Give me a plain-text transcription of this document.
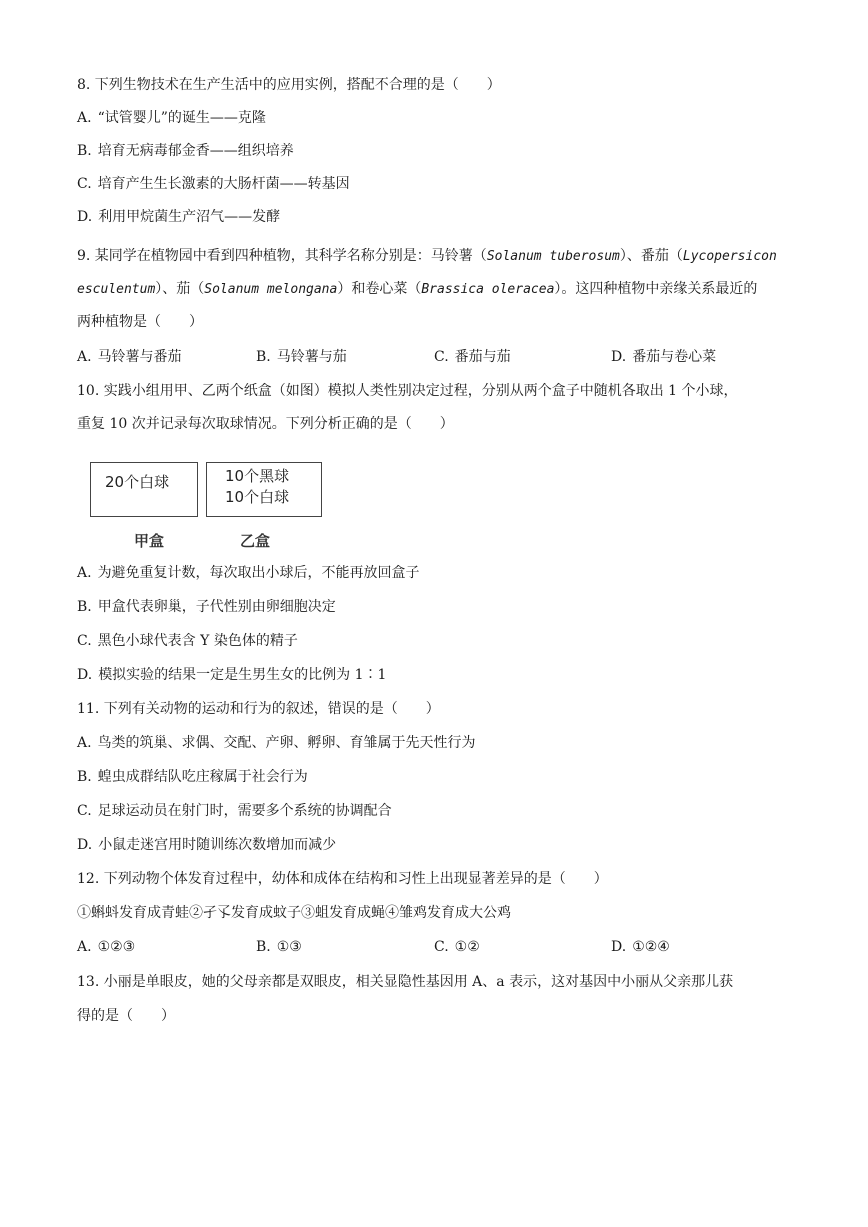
8. 下列生物技术在生产生活中的应用实例，搭配不合理的是（　　）
A. “试管婴儿”的诞生——克隆
B. 培育无病毒郁金香——组织培养
C. 培育产生生长激素的大肠杆菌——转基因
D. 利用甲烷菌生产沼气——发酵
9. 某同学在植物园中看到四种植物，其科学名称分别是：马铃薯（Solanum tuberosum）、番茄（Lycopersicon
esculentum）、茄（Solanum melongana）和卷心菜（Brassica oleracea）。这四种植物中亲缘关系最近的
两种植物是（　　）
A. 马铃薯与番茄	B. 马铃薯与茄	C. 番茄与茄	D. 番茄与卷心菜
10. 实践小组用甲、乙两个纸盒（如图）模拟人类性别决定过程，分别从两个盒子中随机各取出 1 个小球，
重复 10 次并记录每次取球情况。下列分析正确的是（　　）
20个白球	10个黑球
10个白球
甲盒	乙盒
A. 为避免重复计数，每次取出小球后，不能再放回盒子
B. 甲盒代表卵巢，子代性别由卵细胞决定
C. 黑色小球代表含 Y 染色体的精子
D. 模拟实验的结果一定是生男生女的比例为 1∶1
11. 下列有关动物的运动和行为的叙述，错误的是（　　）
A. 鸟类的筑巢、求偶、交配、产卵、孵卵、育雏属于先天性行为
B. 蝗虫成群结队吃庄稼属于社会行为
C. 足球运动员在射门时，需要多个系统的协调配合
D. 小鼠走迷宫用时随训练次数增加而减少
12. 下列动物个体发育过程中，幼体和成体在结构和习性上出现显著差异的是（　　）
①蝌蚪发育成青蛙②孑孓发育成蚊子③蛆发育成蝇④雏鸡发育成大公鸡
A. ①②③	B. ①③	C. ①②	D. ①②④
13. 小丽是单眼皮，她的父母亲都是双眼皮，相关显隐性基因用 A、a 表示，这对基因中小丽从父亲那儿获
得的是（　　）
